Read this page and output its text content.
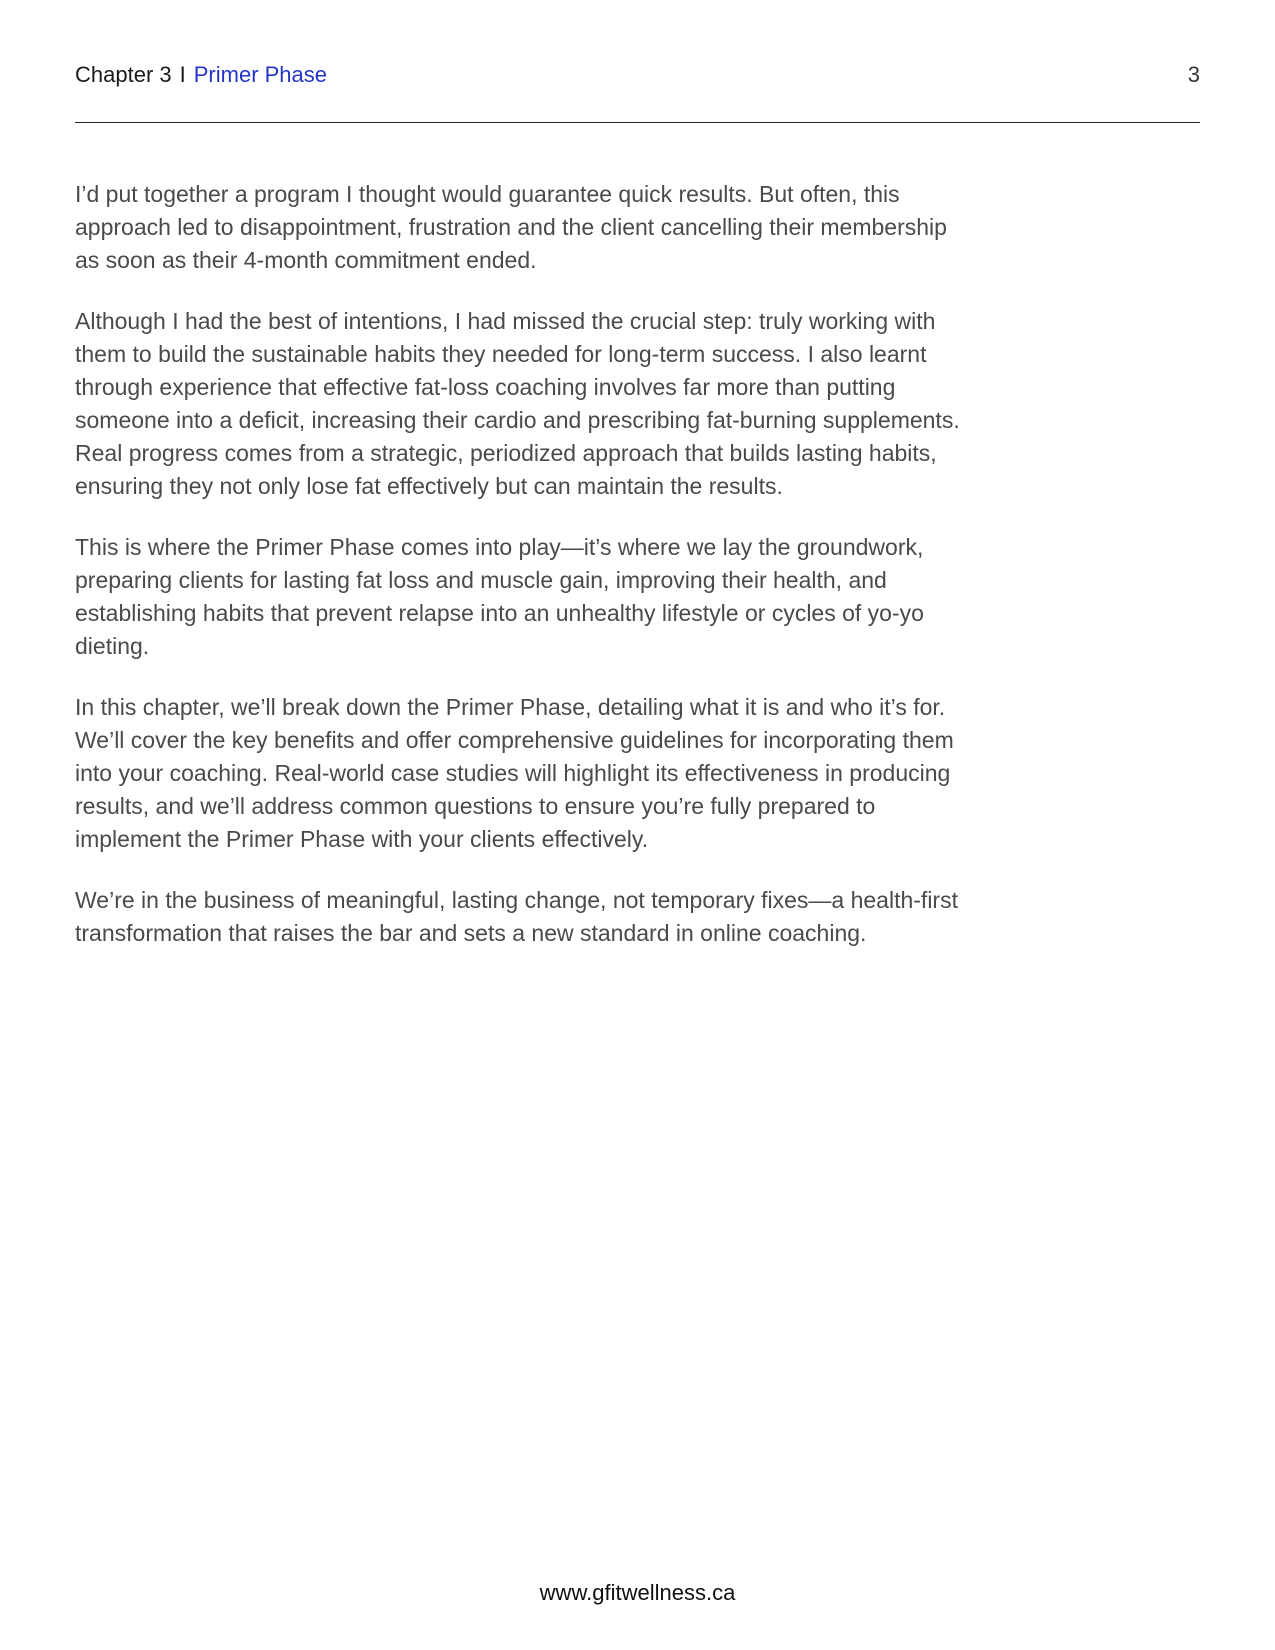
Chapter 3 I Primer Phase	3

I’d put together a program I thought would guarantee quick results. But often, this approach led to disappointment, frustration and the client cancelling their membership as soon as their 4-month commitment ended.

Although I had the best of intentions, I had missed the crucial step: truly working with them to build the sustainable habits they needed for long-term success. I also learnt through experience that effective fat-loss coaching involves far more than putting someone into a deficit, increasing their cardio and prescribing fat-burning supplements. Real progress comes from a strategic, periodized approach that builds lasting habits, ensuring they not only lose fat effectively but can maintain the results.

This is where the Primer Phase comes into play—it’s where we lay the groundwork, preparing clients for lasting fat loss and muscle gain, improving their health, and establishing habits that prevent relapse into an unhealthy lifestyle or cycles of yo-yo dieting.

In this chapter, we’ll break down the Primer Phase, detailing what it is and who it’s for. We’ll cover the key benefits and offer comprehensive guidelines for incorporating them into your coaching. Real-world case studies will highlight its effectiveness in producing results, and we’ll address common questions to ensure you’re fully prepared to implement the Primer Phase with your clients effectively.

We’re in the business of meaningful, lasting change, not temporary fixes—a health-first transformation that raises the bar and sets a new standard in online coaching.

www.gfitwellness.ca
